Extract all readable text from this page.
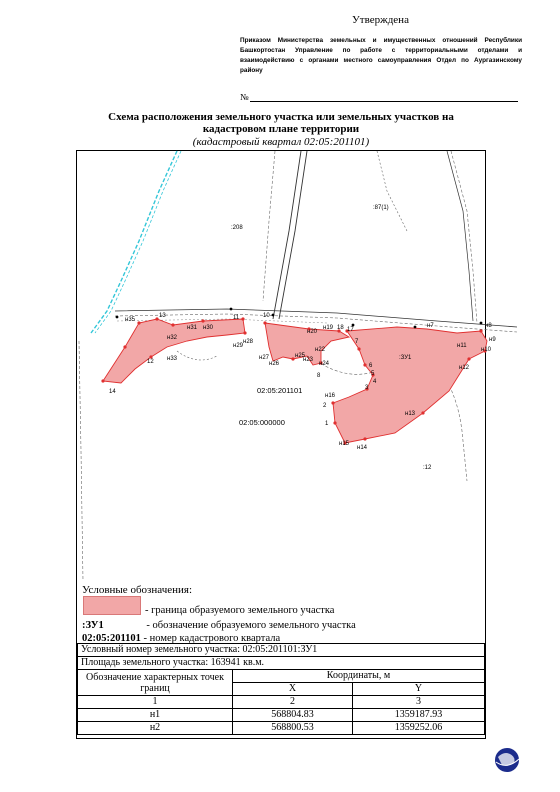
Утверждена
Приказом Министерства земельных и имущественных отношений Республики Башкортостан Управление по работе с территориальными отделами и взаимодействию с органами местного самоуправления Отдел по Аургазинскому району
№
Схема расположения земельного участка или земельных участков на кадастровом плане территории
(кадастровый квартал 02:05:201101)
н35
13	11	10
н31 н30
н32
н28
н29
н33
12
14
н27
н26
н25
н23
н22
н24
8
н20
н19 18 17
н7	н8
н9
н10
н11
н12
7
6
5
4
3
н16
2
1
н13
н14
н15
:208
:87(1)
:ЗУ1
:12
02:05:201101
02:05:000000
Условные обозначения:
- граница образуемого земельного участка
:ЗУ1	- обозначение образуемого земельного участка
02:05:201101 - номер кадастрового квартала
Условный номер земельного участка: 02:05:201101:ЗУ1		
Площадь земельного участка: 163941 кв.м.		
Обозначение характерных точек границ	Координаты, м	
	X	Y
1	2	3
н1	568804.83	1359187.93
н2	568800.53	1359252.06
